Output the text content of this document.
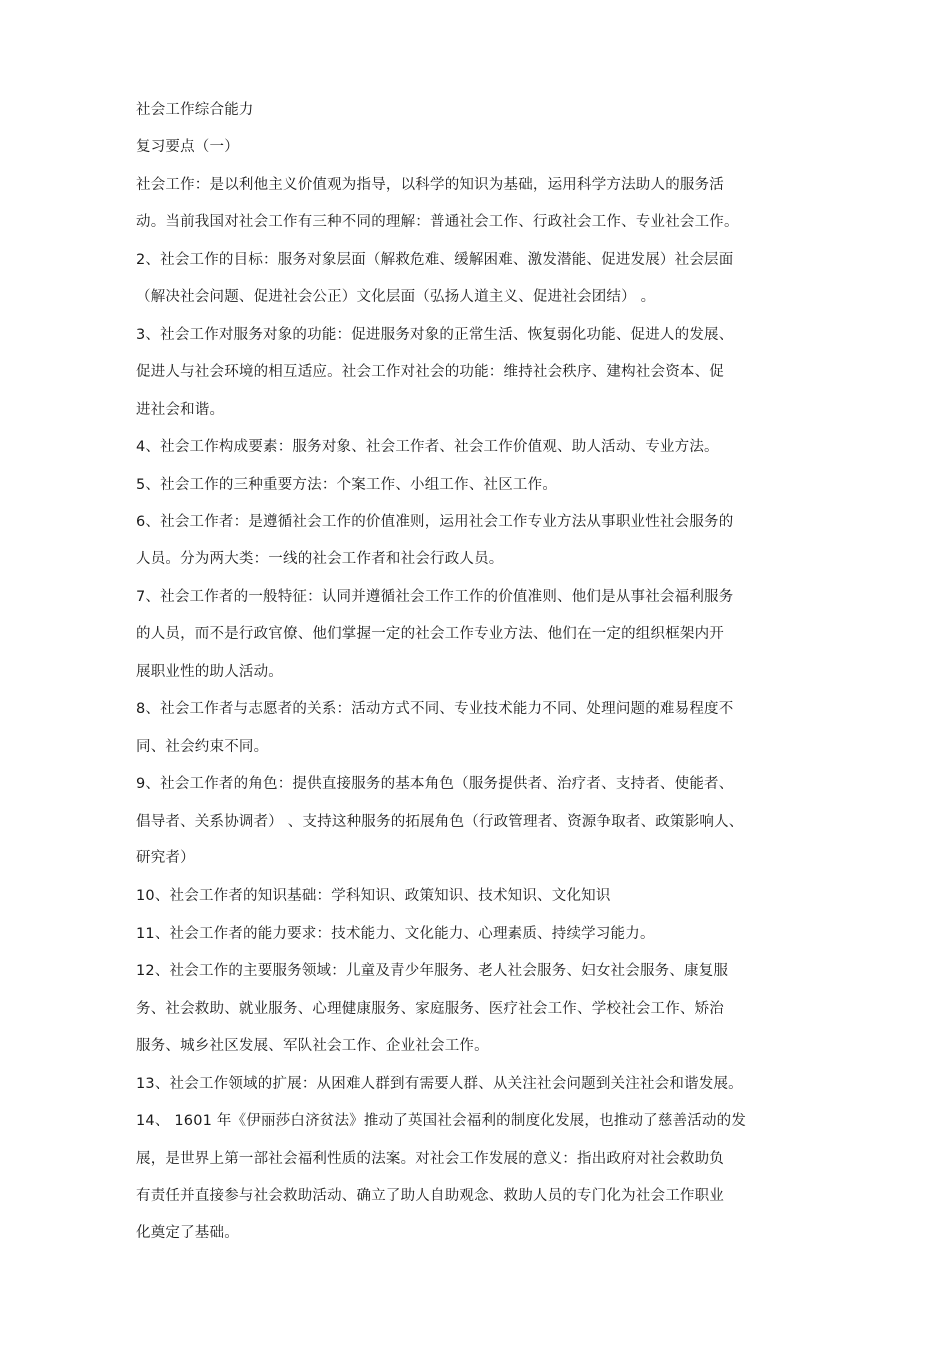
社会工作综合能力
复习要点（一）
社会工作：是以利他主义价值观为指导，以科学的知识为基础，运用科学方法助人的服务活
动。当前我国对社会工作有三种不同的理解：普通社会工作、行政社会工作、专业社会工作。
2、社会工作的目标：服务对象层面（解救危难、缓解困难、激发潜能、促进发展）社会层面
（解决社会问题、促进社会公正）文化层面（弘扬人道主义、促进社会团结） 。
3、社会工作对服务对象的功能：促进服务对象的正常生活、恢复弱化功能、促进人的发展、
促进人与社会环境的相互适应。社会工作对社会的功能：维持社会秩序、建构社会资本、促
进社会和谐。
4、社会工作构成要素：服务对象、社会工作者、社会工作价值观、助人活动、专业方法。
5、社会工作的三种重要方法：个案工作、小组工作、社区工作。
6、社会工作者：是遵循社会工作的价值准则，运用社会工作专业方法从事职业性社会服务的
人员。分为两大类：一线的社会工作者和社会行政人员。
7、社会工作者的一般特征：认同并遵循社会工作工作的价值准则、他们是从事社会福利服务
的人员，而不是行政官僚、他们掌握一定的社会工作专业方法、他们在一定的组织框架内开
展职业性的助人活动。
8、社会工作者与志愿者的关系：活动方式不同、专业技术能力不同、处理问题的难易程度不
同、社会约束不同。
9、社会工作者的角色：提供直接服务的基本角色（服务提供者、治疗者、支持者、使能者、
倡导者、关系协调者） 、支持这种服务的拓展角色（行政管理者、资源争取者、政策影响人、
研究者）
10、社会工作者的知识基础：学科知识、政策知识、技术知识、文化知识
11、社会工作者的能力要求：技术能力、文化能力、心理素质、持续学习能力。
12、社会工作的主要服务领域：儿童及青少年服务、老人社会服务、妇女社会服务、康复服
务、社会救助、就业服务、心理健康服务、家庭服务、医疗社会工作、学校社会工作、矫治
服务、城乡社区发展、军队社会工作、企业社会工作。
13、社会工作领域的扩展：从困难人群到有需要人群、从关注社会问题到关注社会和谐发展。
14、 1601 年《伊丽莎白济贫法》推动了英国社会福利的制度化发展，也推动了慈善活动的发
展，是世界上第一部社会福利性质的法案。对社会工作发展的意义：指出政府对社会救助负
有责任并直接参与社会救助活动、确立了助人自助观念、救助人员的专门化为社会工作职业
化奠定了基础。
